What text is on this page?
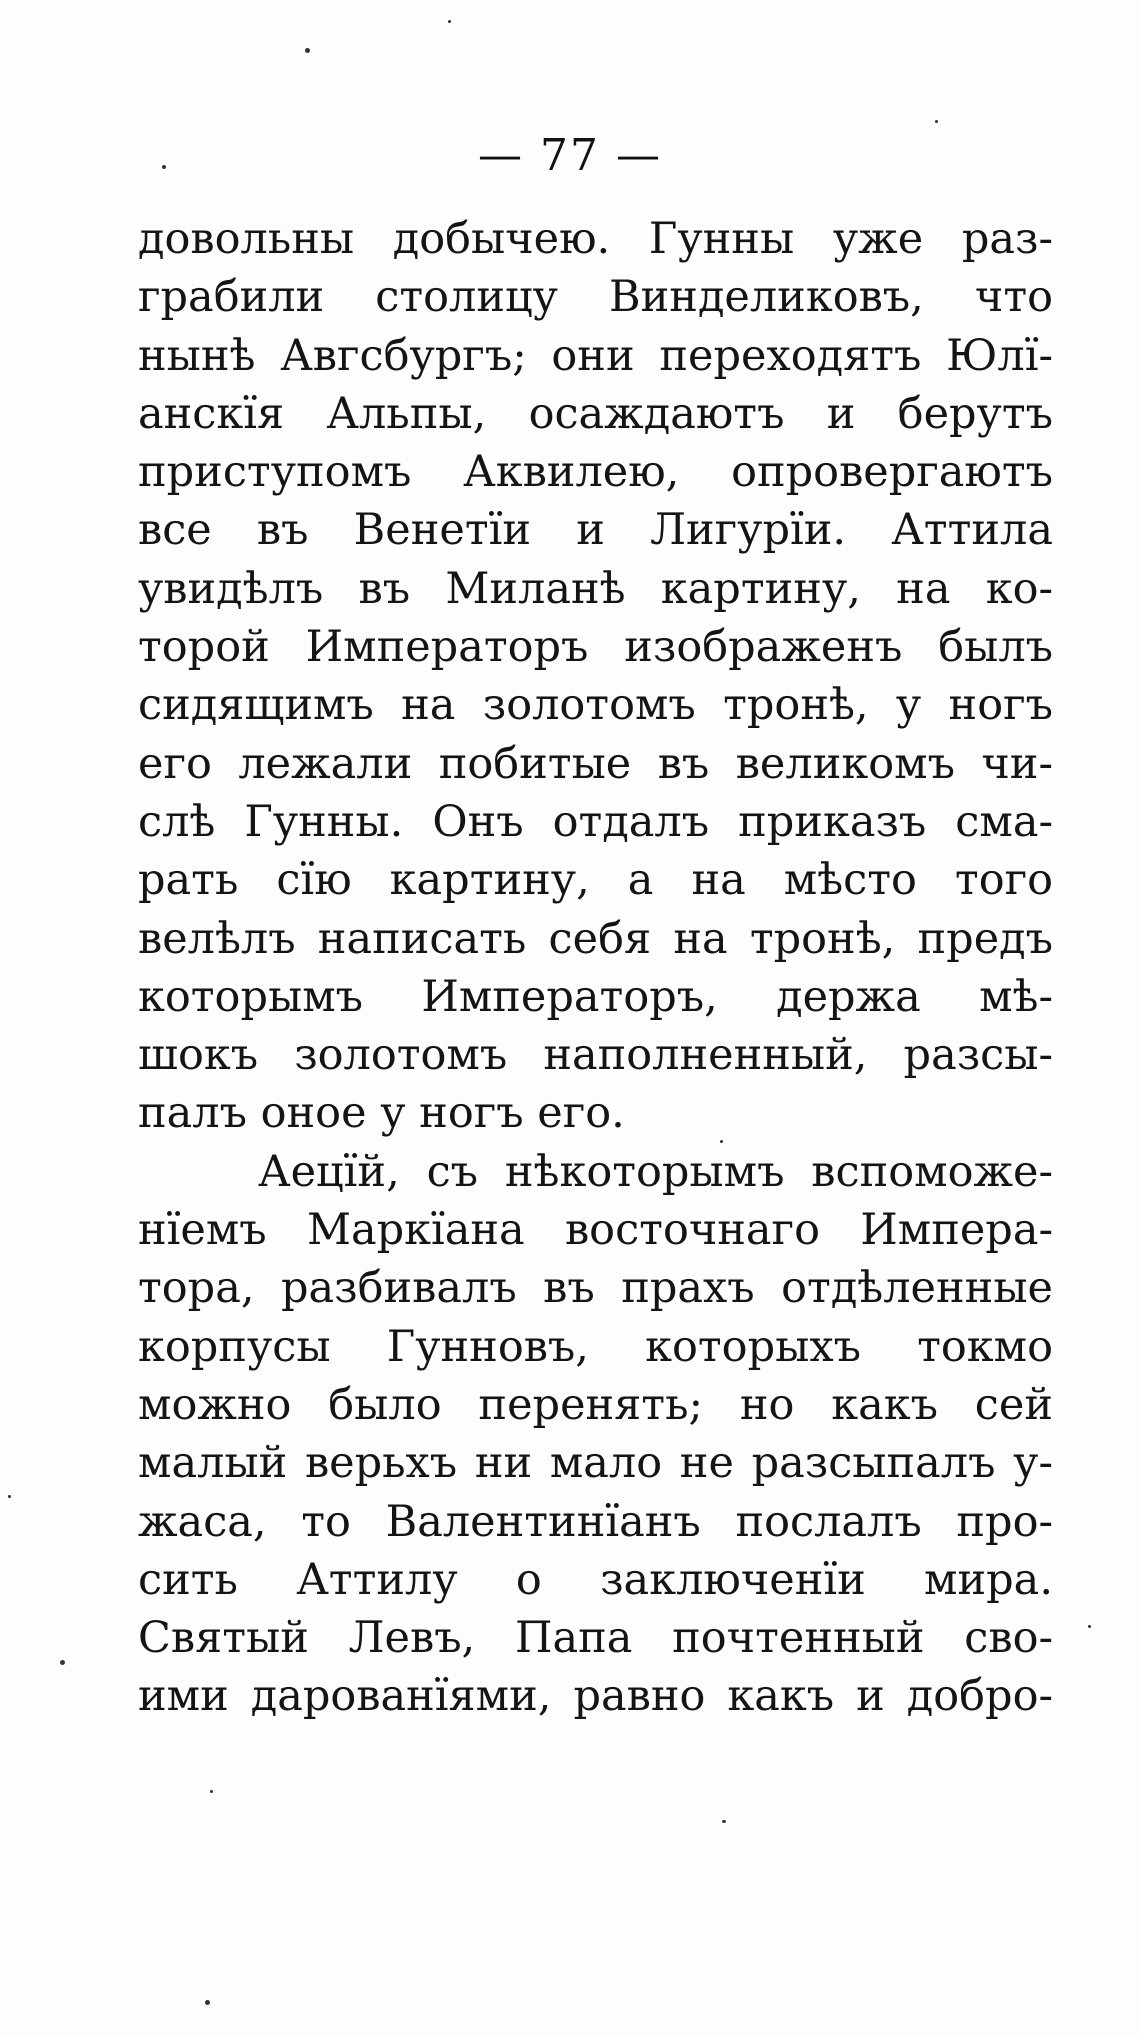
— 77 —
довольны добычею. Гунны уже раз-
грабили столицу Винделиковъ, что
нынѣ Авгсбургъ; они переходятъ Юлї-
анскїя Альпы, осаждаютъ и берутъ
приступомъ Аквилею, опровергаютъ
все въ Венетїи и Лигурїи. Аттила
увидѣлъ въ Миланѣ картину, на ко-
торой Императоръ изображенъ былъ
сидящимъ на золотомъ тронѣ, у ногъ
его лежали побитые въ великомъ чи-
слѣ Гунны. Онъ отдалъ приказъ сма-
рать сїю картину, а на мѣсто того
велѣлъ написать себя на тронѣ, предъ
которымъ Императоръ, держа мѣ-
шокъ золотомъ наполненный, разсы-
палъ оное у ногъ его.
Аецїй, съ нѣкоторымъ вспоможе-
нїемъ Маркїана восточнаго Импера-
тора, разбивалъ въ прахъ отдѣленные
корпусы Гунновъ, которыхъ токмо
можно было перенять; но какъ сей
малый верьхъ ни мало не разсыпалъ у-
жаса, то Валентинїанъ послалъ про-
сить Аттилу о заключенїи мира.
Святый Левъ, Папа почтенный сво-
ими дарованїями, равно какъ и добро-
